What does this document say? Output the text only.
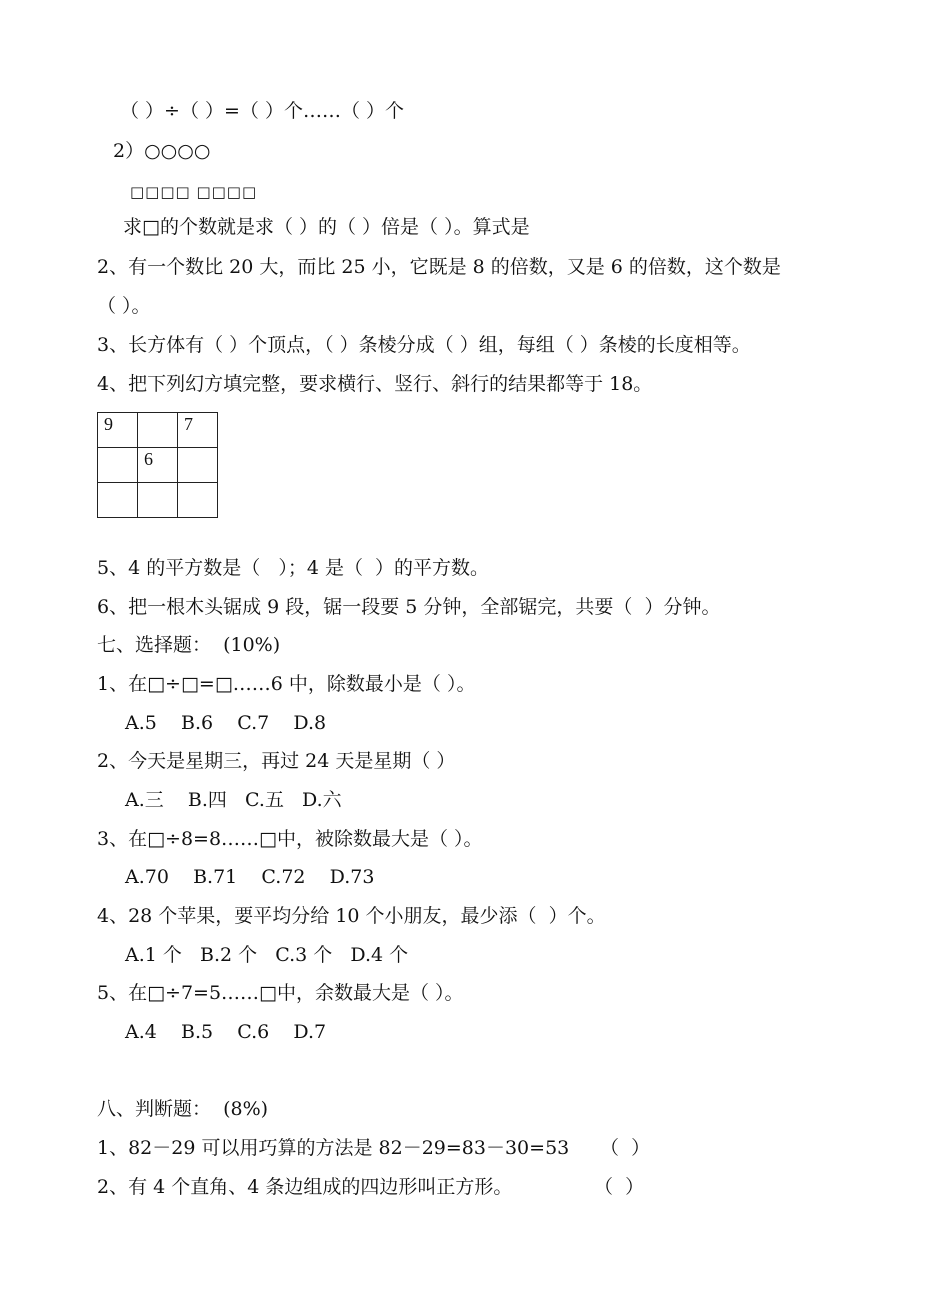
（ ）÷（ ）=（ ）个……（ ）个
2）○○○○
□□□□ □□□□
求□的个数就是求（ ）的（ ）倍是（ ）。算式是
2、有一个数比 20 大，而比 25 小，它既是 8 的倍数，又是 6 的倍数，这个数是
（ ）。
3、长方体有（ ）个顶点，（ ）条棱分成（ ）组，每组（ ）条棱的长度相等。
4、把下列幻方填完整，要求横行、竖行、斜行的结果都等于 18。
9		7
	6	

5、4 的平方数是（   ）；4 是（  ）的平方数。
6、把一根木头锯成 9 段，锯一段要 5 分钟，全部锯完，共要（  ）分钟。
七、选择题：  (10%)
1、在□÷□=□……6 中，除数最小是（ ）。
A.5    B.6    C.7    D.8
2、今天是星期三，再过 24 天是星期（ ）
A.三    B.四   C.五   D.六
3、在□÷8=8……□中，被除数最大是（ ）。
A.70    B.71    C.72    D.73
4、28 个苹果，要平均分给 10 个小朋友，最少添（  ）个。
A.1 个   B.2 个   C.3 个   D.4 个
5、在□÷7=5……□中，余数最大是（ ）。
A.4    B.5    C.6    D.7
八、判断题：  (8%)
1、82－29 可以用巧算的方法是 82－29=83－30=53 （  ）
2、有 4 个直角、4 条边组成的四边形叫正方形。	（  ）
